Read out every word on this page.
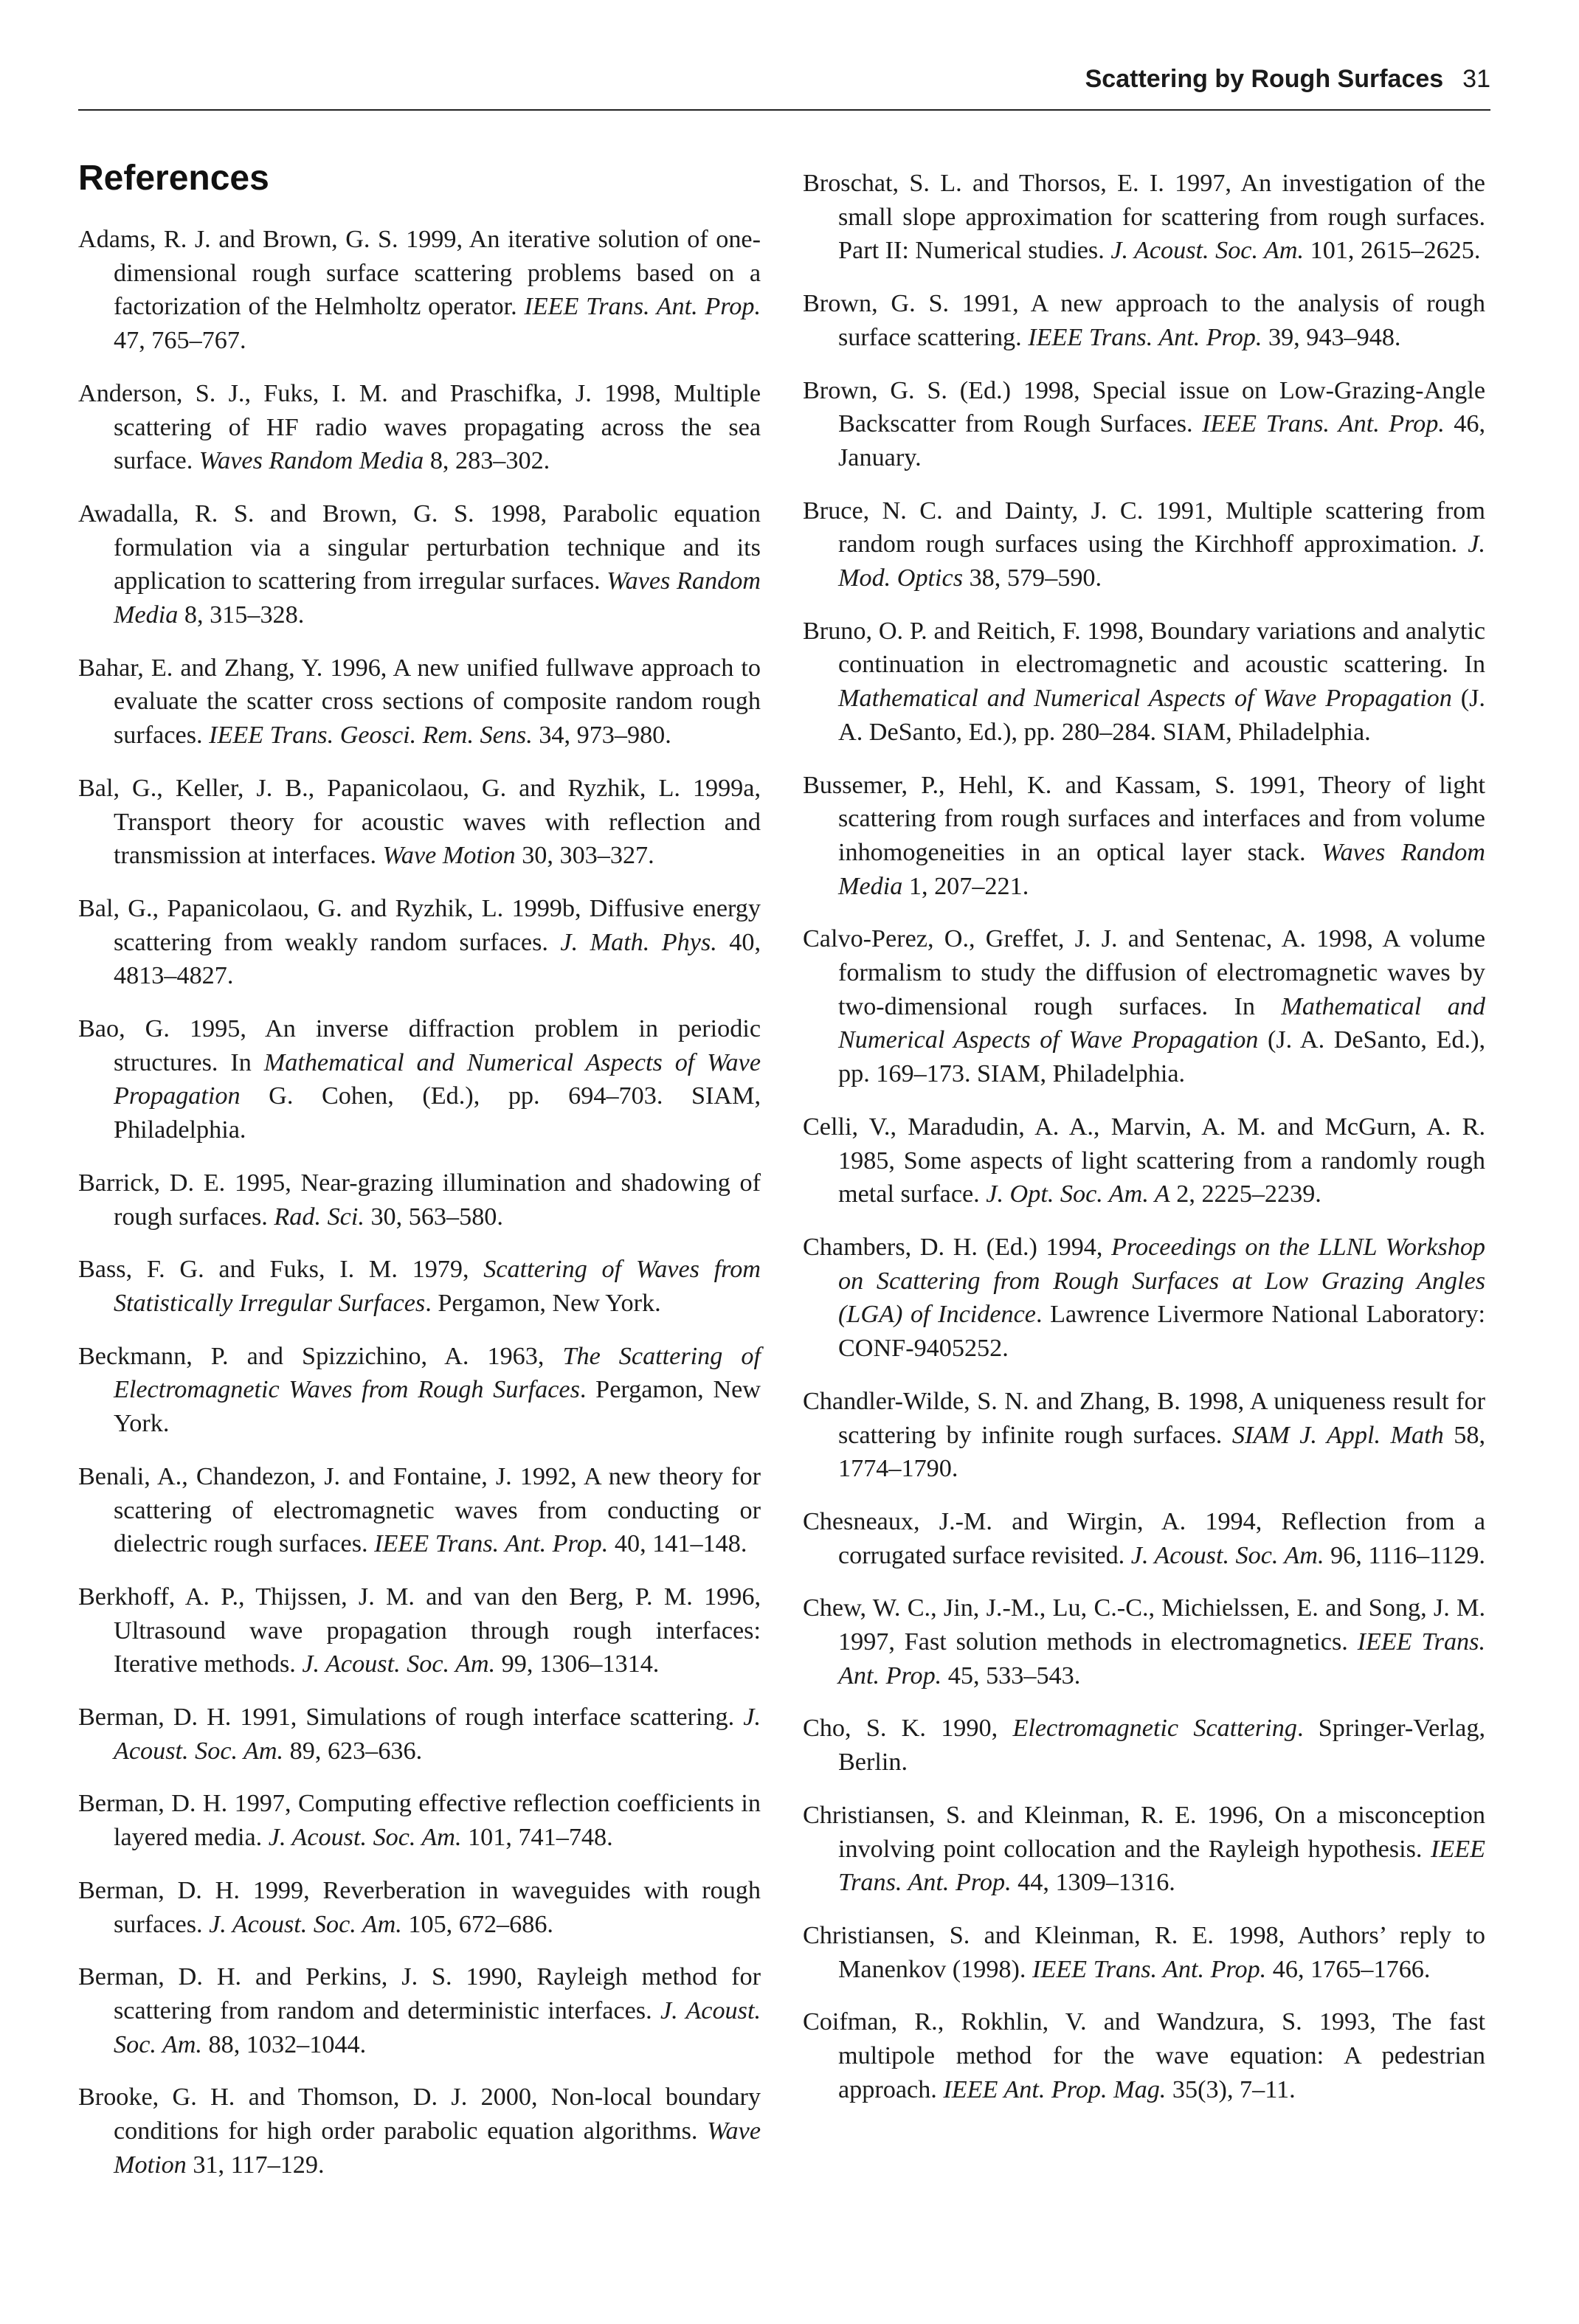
Scattering by Rough Surfaces 31
References

Adams, R. J. and Brown, G. S. 1999, An iterative solution of one-dimensional rough surface scattering problems based on a factorization of the Helmholtz operator. IEEE Trans. Ant. Prop. 47, 765–767.

Anderson, S. J., Fuks, I. M. and Praschifka, J. 1998, Multiple scattering of HF radio waves propagating across the sea surface. Waves Random Media 8, 283–302.

Awadalla, R. S. and Brown, G. S. 1998, Parabolic equation formulation via a singular perturbation technique and its application to scattering from irregular surfaces. Waves Random Media 8, 315–328.

Bahar, E. and Zhang, Y. 1996, A new unified fullwave approach to evaluate the scatter cross sections of composite random rough surfaces. IEEE Trans. Geosci. Rem. Sens. 34, 973–980.

Bal, G., Keller, J. B., Papanicolaou, G. and Ryzhik, L. 1999a, Transport theory for acoustic waves with reflection and transmission at interfaces. Wave Motion 30, 303–327.

Bal, G., Papanicolaou, G. and Ryzhik, L. 1999b, Diffusive energy scattering from weakly random surfaces. J. Math. Phys. 40, 4813–4827.

Bao, G. 1995, An inverse diffraction problem in periodic structures. In Mathematical and Numerical Aspects of Wave Propagation G. Cohen, (Ed.), pp. 694–703. SIAM, Philadelphia.

Barrick, D. E. 1995, Near-grazing illumination and shadowing of rough surfaces. Rad. Sci. 30, 563–580.

Bass, F. G. and Fuks, I. M. 1979, Scattering of Waves from Statistically Irregular Surfaces. Pergamon, New York.

Beckmann, P. and Spizzichino, A. 1963, The Scattering of Electromagnetic Waves from Rough Surfaces. Pergamon, New York.

Benali, A., Chandezon, J. and Fontaine, J. 1992, A new theory for scattering of electromagnetic waves from conducting or dielectric rough surfaces. IEEE Trans. Ant. Prop. 40, 141–148.

Berkhoff, A. P., Thijssen, J. M. and van den Berg, P. M. 1996, Ultrasound wave propagation through rough interfaces: Iterative methods. J. Acoust. Soc. Am. 99, 1306–1314.

Berman, D. H. 1991, Simulations of rough interface scattering. J. Acoust. Soc. Am. 89, 623–636.

Berman, D. H. 1997, Computing effective reflection coefficients in layered media. J. Acoust. Soc. Am. 101, 741–748.

Berman, D. H. 1999, Reverberation in waveguides with rough surfaces. J. Acoust. Soc. Am. 105, 672–686.

Berman, D. H. and Perkins, J. S. 1990, Rayleigh method for scattering from random and deterministic interfaces. J. Acoust. Soc. Am. 88, 1032–1044.

Brooke, G. H. and Thomson, D. J. 2000, Non-local boundary conditions for high order parabolic equation algorithms. Wave Motion 31, 117–129.

Broschat, S. L. and Thorsos, E. I. 1997, An investigation of the small slope approximation for scattering from rough surfaces. Part II: Numerical studies. J. Acoust. Soc. Am. 101, 2615–2625.

Brown, G. S. 1991, A new approach to the analysis of rough surface scattering. IEEE Trans. Ant. Prop. 39, 943–948.

Brown, G. S. (Ed.) 1998, Special issue on Low-Grazing-Angle Backscatter from Rough Surfaces. IEEE Trans. Ant. Prop. 46, January.

Bruce, N. C. and Dainty, J. C. 1991, Multiple scattering from random rough surfaces using the Kirchhoff approximation. J. Mod. Optics 38, 579–590.

Bruno, O. P. and Reitich, F. 1998, Boundary variations and analytic continuation in electromagnetic and acoustic scattering. In Mathematical and Numerical Aspects of Wave Propagation (J. A. DeSanto, Ed.), pp. 280–284. SIAM, Philadelphia.

Bussemer, P., Hehl, K. and Kassam, S. 1991, Theory of light scattering from rough surfaces and interfaces and from volume inhomogeneities in an optical layer stack. Waves Random Media 1, 207–221.

Calvo-Perez, O., Greffet, J. J. and Sentenac, A. 1998, A volume formalism to study the diffusion of electromagnetic waves by two-dimensional rough surfaces. In Mathematical and Numerical Aspects of Wave Propagation (J. A. DeSanto, Ed.), pp. 169–173. SIAM, Philadelphia.

Celli, V., Maradudin, A. A., Marvin, A. M. and McGurn, A. R. 1985, Some aspects of light scattering from a randomly rough metal surface. J. Opt. Soc. Am. A 2, 2225–2239.

Chambers, D. H. (Ed.) 1994, Proceedings on the LLNL Workshop on Scattering from Rough Surfaces at Low Grazing Angles (LGA) of Incidence. Lawrence Livermore National Laboratory: CONF-9405252.

Chandler-Wilde, S. N. and Zhang, B. 1998, A uniqueness result for scattering by infinite rough surfaces. SIAM J. Appl. Math 58, 1774–1790.

Chesneaux, J.-M. and Wirgin, A. 1994, Reflection from a corrugated surface revisited. J. Acoust. Soc. Am. 96, 1116–1129.

Chew, W. C., Jin, J.-M., Lu, C.-C., Michielssen, E. and Song, J. M. 1997, Fast solution methods in electromagnetics. IEEE Trans. Ant. Prop. 45, 533–543.

Cho, S. K. 1990, Electromagnetic Scattering. Springer-Verlag, Berlin.

Christiansen, S. and Kleinman, R. E. 1996, On a misconception involving point collocation and the Rayleigh hypothesis. IEEE Trans. Ant. Prop. 44, 1309–1316.

Christiansen, S. and Kleinman, R. E. 1998, Authors’ reply to Manenkov (1998). IEEE Trans. Ant. Prop. 46, 1765–1766.

Coifman, R., Rokhlin, V. and Wandzura, S. 1993, The fast multipole method for the wave equation: A pedestrian approach. IEEE Ant. Prop. Mag. 35(3), 7–11.
